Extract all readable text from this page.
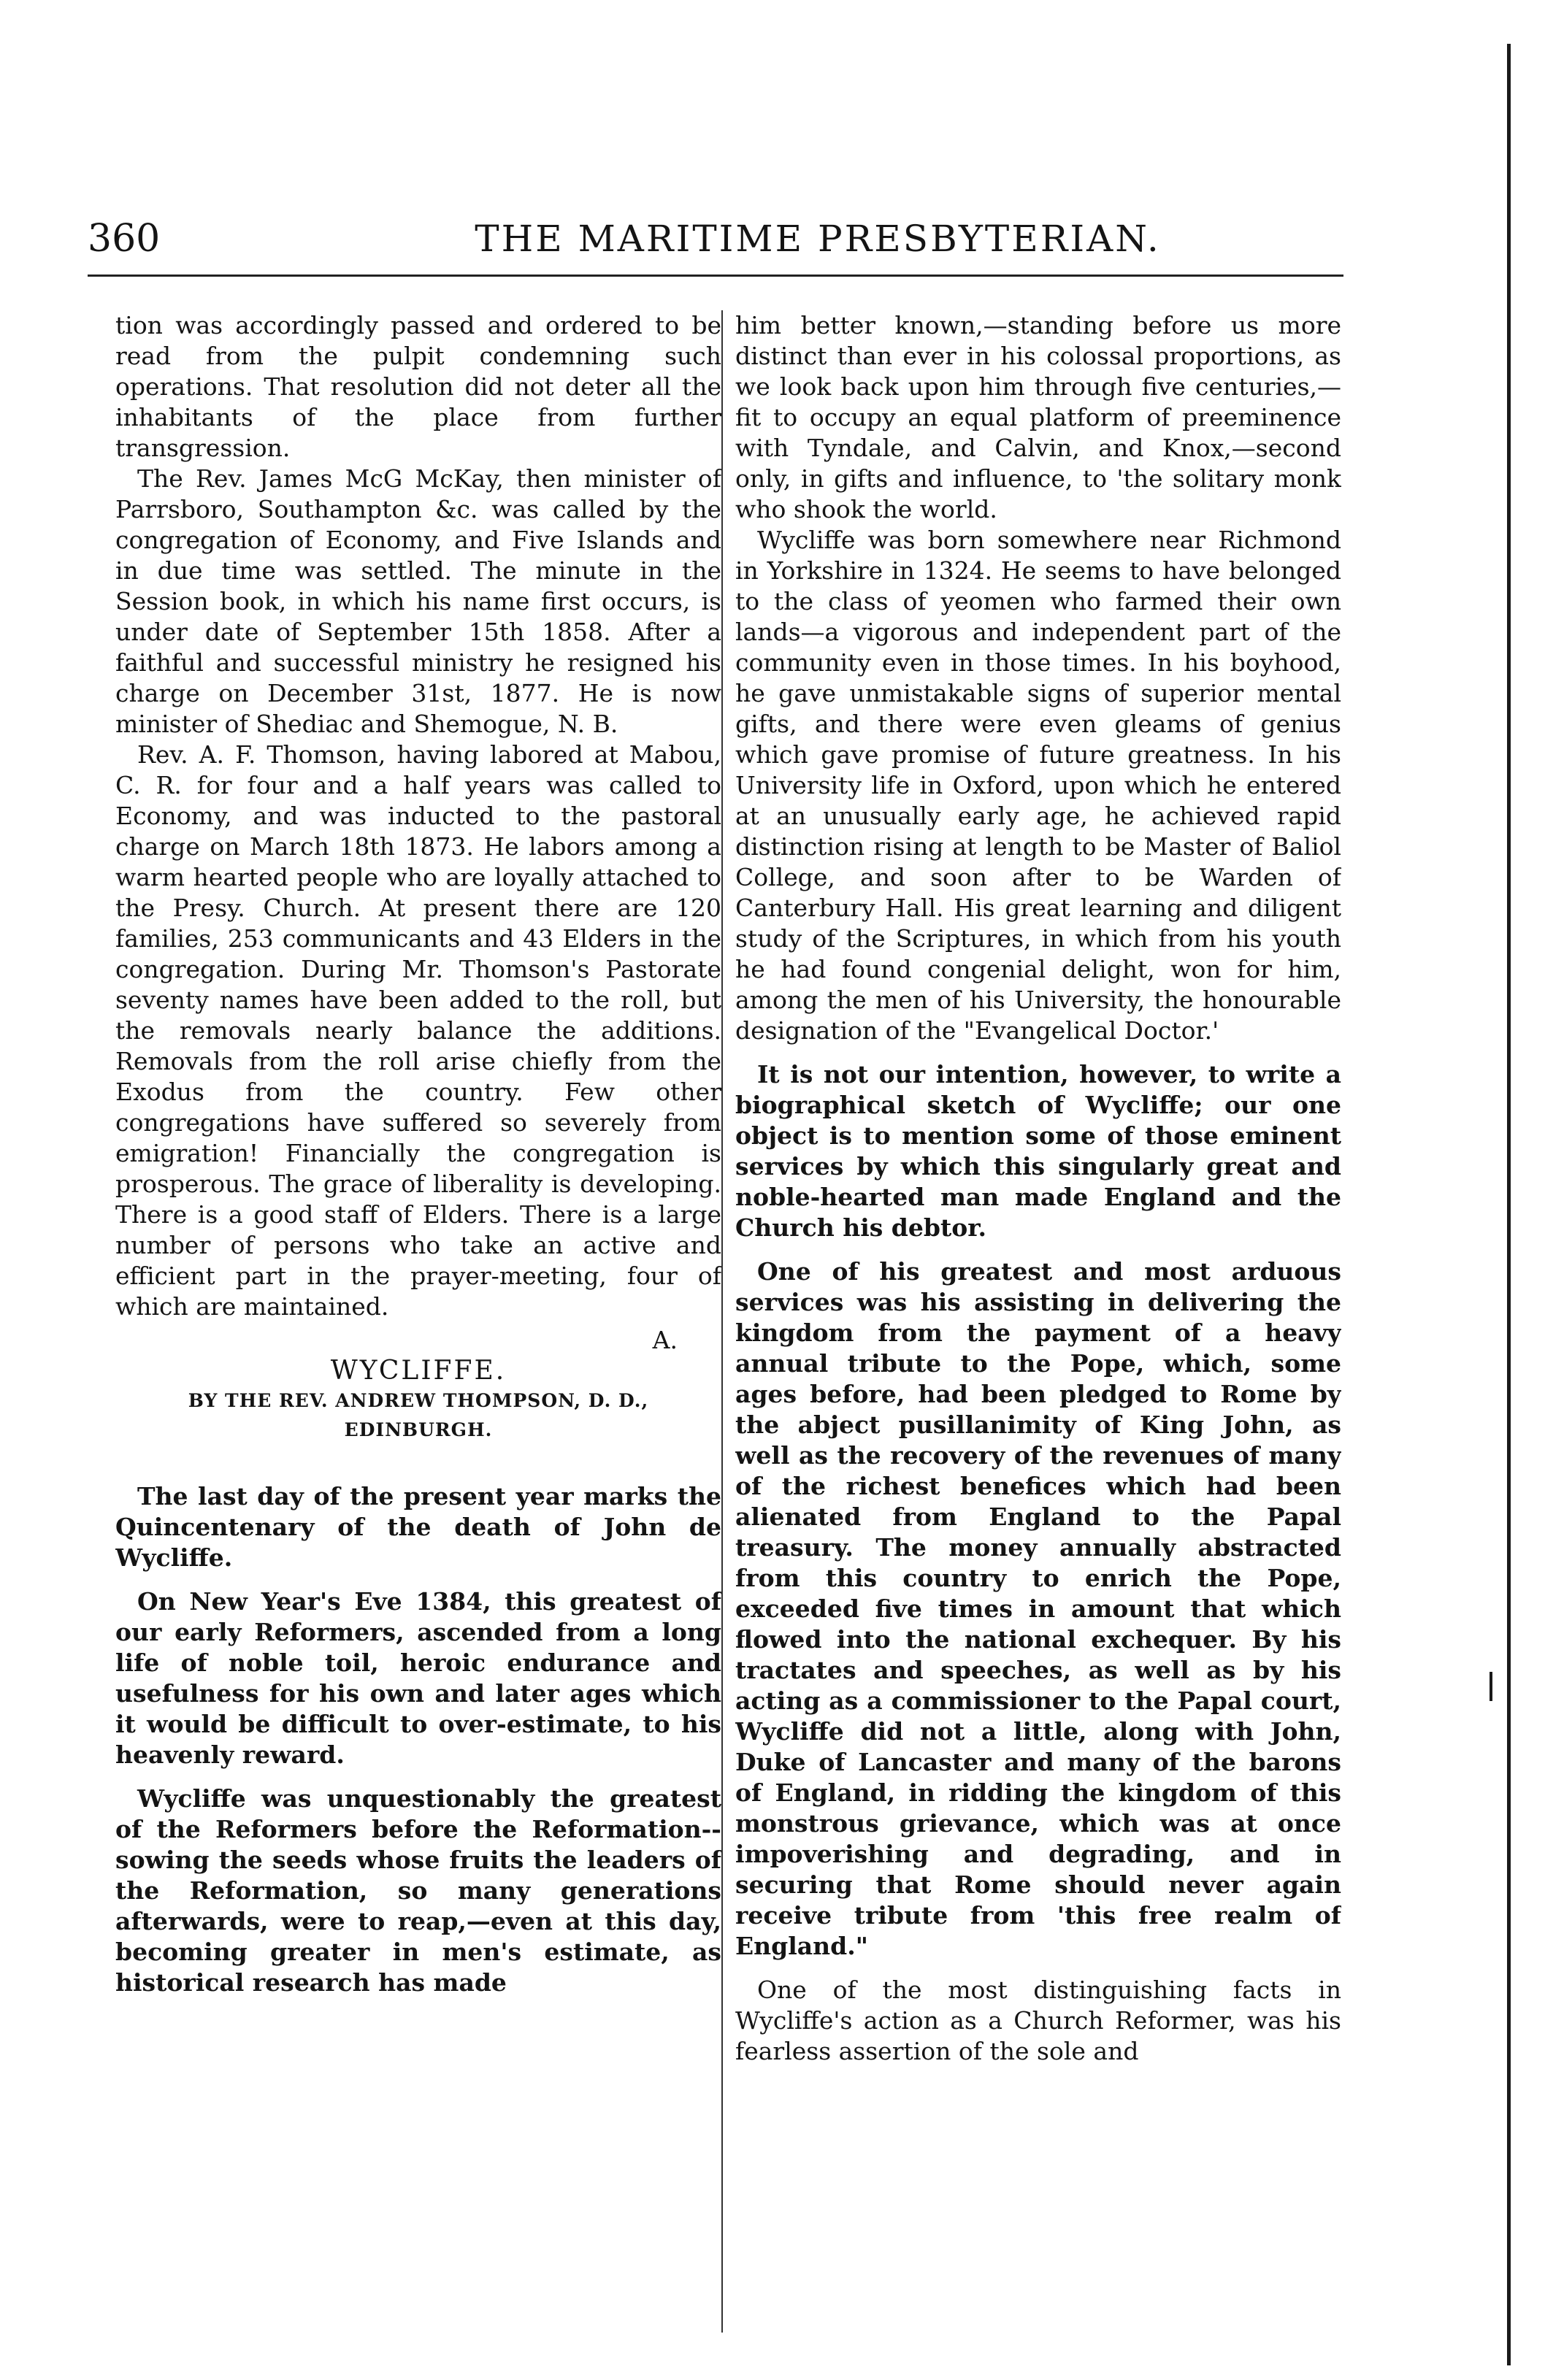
360	THE MARITIME PRESBYTERIAN.

tion was accordingly passed and ordered to be read from the pulpit condemning such operations. That resolution did not deter all the inhabitants of the place from further transgression.

The Rev. James McG McKay, then minister of Parrsboro, Southampton &c. was called by the congregation of Economy, and Five Islands and in due time was settled. The minute in the Session book, in which his name first occurs, is under date of September 15th 1858. After a faithful and successful ministry he resigned his charge on December 31st, 1877. He is now minister of Shediac and Shemogue, N. B.

Rev. A. F. Thomson, having labored at Mabou, C. R. for four and a half years was called to Economy, and was inducted to the pastoral charge on March 18th 1873. He labors among a warm hearted people who are loyally attached to the Presy. Church. At present there are 120 families, 253 communicants and 43 Elders in the congregation. During Mr. Thomson's Pastorate seventy names have been added to the roll, but the removals nearly balance the additions. Removals from the roll arise chiefly from the Exodus from the country. Few other congregations have suffered so severely from emigration! Financially the congregation is prosperous. The grace of liberality is developing. There is a good staff of Elders. There is a large number of persons who take an active and efficient part in the prayer-meeting, four of which are maintained.

A.

WYCLIFFE.

BY THE REV. ANDREW THOMPSON, D. D.,
EDINBURGH.

The last day of the present year marks the Quincentenary of the death of John de Wycliffe.

On New Year's Eve 1384, this greatest of our early Reformers, ascended from a long life of noble toil, heroic endurance and usefulness for his own and later ages which it would be difficult to over-estimate, to his heavenly reward.

Wycliffe was unquestionably the greatest of the Reformers before the Reformation--sowing the seeds whose fruits the leaders of the Reformation, so many generations afterwards, were to reap,—even at this day, becoming greater in men's estimate, as historical research has made

him better known,—standing before us more distinct than ever in his colossal proportions, as we look back upon him through five centuries,—fit to occupy an equal platform of preeminence with Tyndale, and Calvin, and Knox,—second only, in gifts and influence, to 'the solitary monk who shook the world.

Wycliffe was born somewhere near Richmond in Yorkshire in 1324. He seems to have belonged to the class of yeomen who farmed their own lands—a vigorous and independent part of the community even in those times. In his boyhood, he gave unmistakable signs of superior mental gifts, and there were even gleams of genius which gave promise of future greatness. In his University life in Oxford, upon which he entered at an unusually early age, he achieved rapid distinction rising at length to be Master of Baliol College, and soon after to be Warden of Canterbury Hall. His great learning and diligent study of the Scriptures, in which from his youth he had found congenial delight, won for him, among the men of his University, the honourable designation of the "Evangelical Doctor.'

It is not our intention, however, to write a biographical sketch of Wycliffe; our one object is to mention some of those eminent services by which this singularly great and noble-hearted man made England and the Church his debtor.

One of his greatest and most arduous services was his assisting in delivering the kingdom from the payment of a heavy annual tribute to the Pope, which, some ages before, had been pledged to Rome by the abject pusillanimity of King John, as well as the recovery of the revenues of many of the richest benefices which had been alienated from England to the Papal treasury. The money annually abstracted from this country to enrich the Pope, exceeded five times in amount that which flowed into the national exchequer. By his tractates and speeches, as well as by his acting as a commissioner to the Papal court, Wycliffe did not a little, along with John, Duke of Lancaster and many of the barons of England, in ridding the kingdom of this monstrous grievance, which was at once impoverishing and degrading, and in securing that Rome should never again receive tribute from 'this free realm of England."

One of the most distinguishing facts in Wycliffe's action as a Church Reformer, was his fearless assertion of the sole and
